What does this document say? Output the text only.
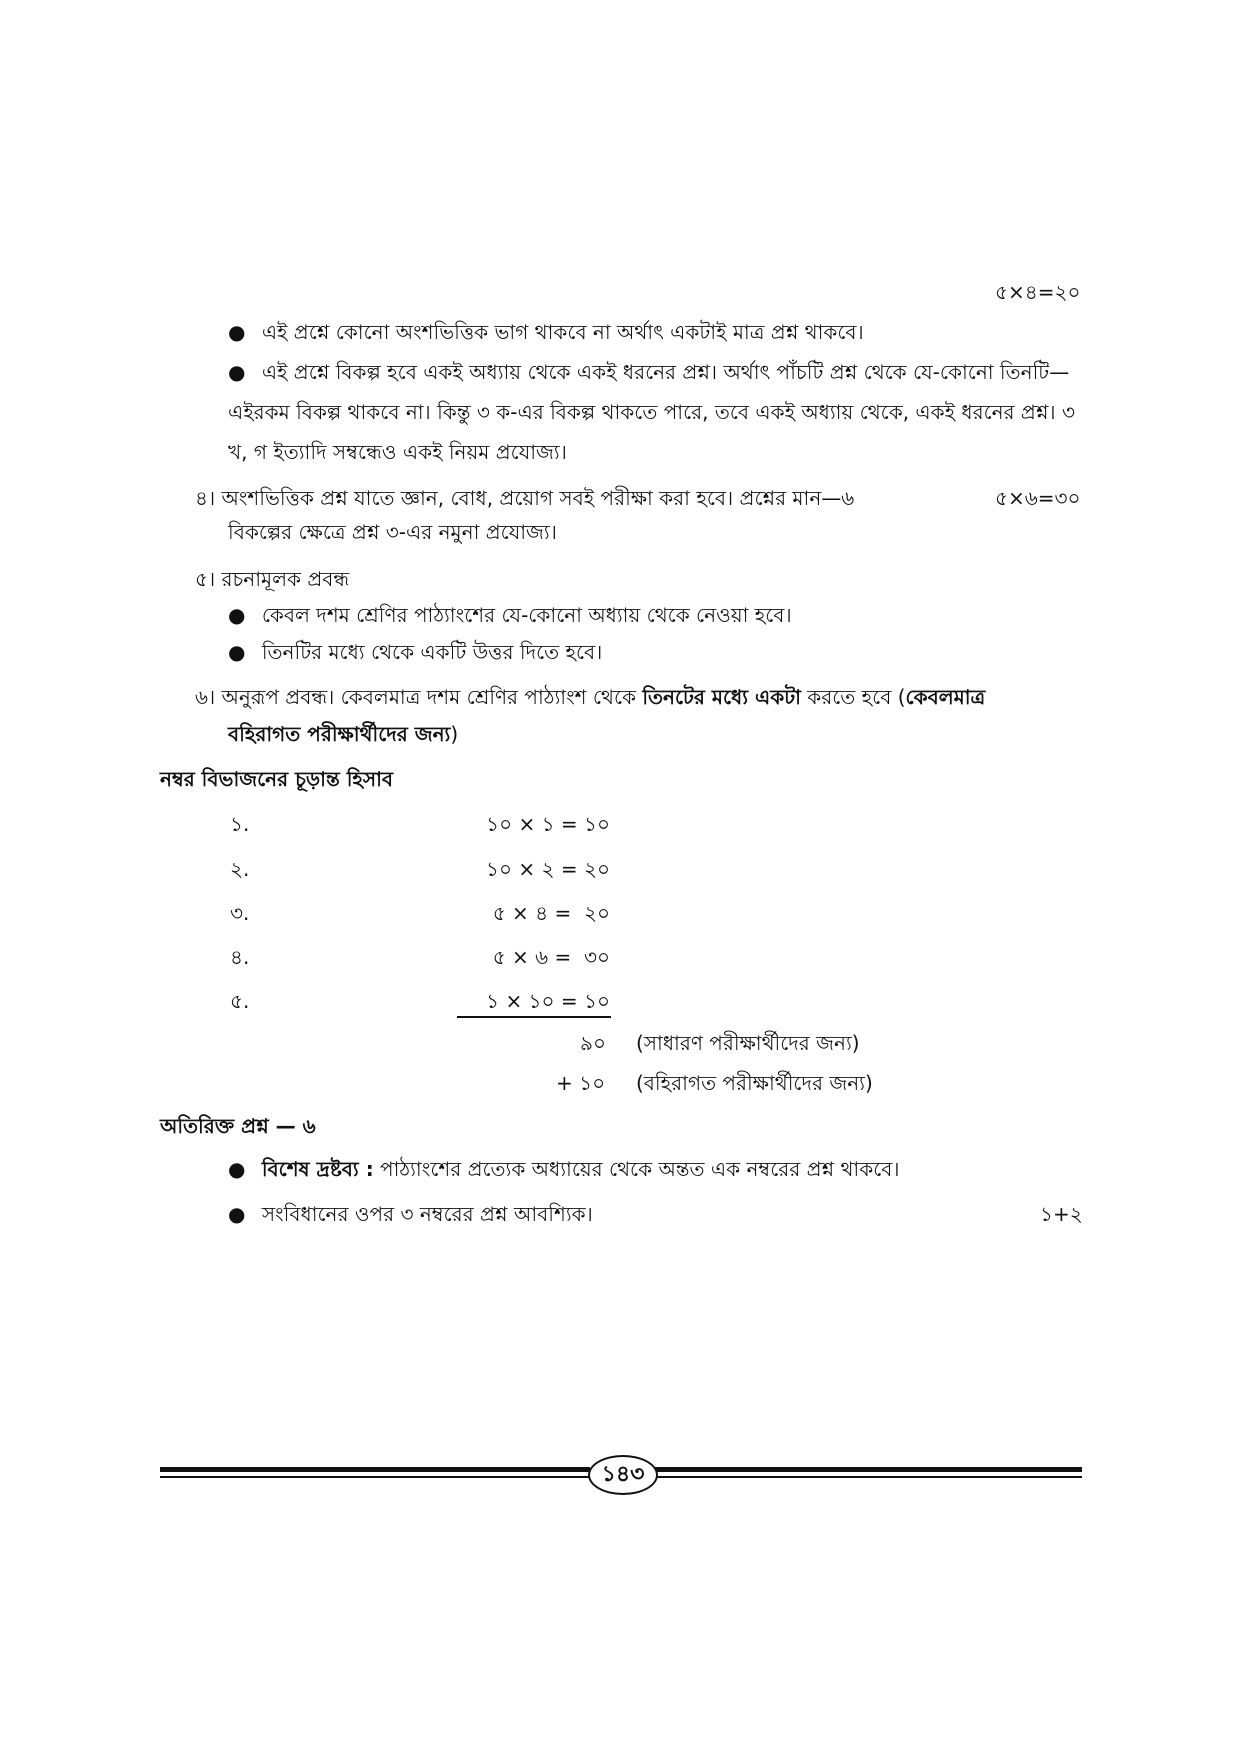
৫×৪=২০
● এই প্রশ্নে কোনো অংশভিত্তিক ভাগ থাকবে না অর্থাৎ একটাই মাত্র প্রশ্ন থাকবে।
● এই প্রশ্নে বিকল্প হবে একই অধ্যায় থেকে একই ধরনের প্রশ্ন। অর্থাৎ পাঁচটি প্রশ্ন থেকে যে-কোনো তিনটি—এইরকম বিকল্প থাকবে না। কিন্তু ৩ ক-এর বিকল্প থাকতে পারে, তবে একই অধ্যায় থেকে, একই ধরনের প্রশ্ন। ৩ খ, গ ইত্যাদি সম্বন্ধেও একই নিয়ম প্রযোজ্য।
৪। অংশভিত্তিক প্রশ্ন যাতে জ্ঞান, বোধ, প্রয়োগ সবই পরীক্ষা করা হবে। প্রশ্নের মান—৬	৫×৬=৩০
বিকল্পের ক্ষেত্রে প্রশ্ন ৩-এর নমুনা প্রযোজ্য।
৫। রচনামূলক প্রবন্ধ
● কেবল দশম শ্রেণির পাঠ্যাংশের যে-কোনো অধ্যায় থেকে নেওয়া হবে।
● তিনটির মধ্যে থেকে একটি উত্তর দিতে হবে।
৬। অনুরূপ প্রবন্ধ। কেবলমাত্র দশম শ্রেণির পাঠ্যাংশ থেকে তিনটের মধ্যে একটা করতে হবে (কেবলমাত্র
বহিরাগত পরীক্ষার্থীদের জন্য)
নম্বর বিভাজনের চূড়ান্ত হিসাব
১.	১০ × ১ = ১০
২.	১০ × ২ = ২০
৩.	৫ × ৪ =  ২০
৪.	৫ × ৬ =  ৩০
৫.	১ × ১০ = ১০
৯০ (সাধারণ পরীক্ষার্থীদের জন্য)
+ ১০ (বহিরাগত পরীক্ষার্থীদের জন্য)
অতিরিক্ত প্রশ্ন — ৬
● বিশেষ দ্রষ্টব্য : পাঠ্যাংশের প্রত্যেক অধ্যায়ের থেকে অন্তত এক নম্বরের প্রশ্ন থাকবে।
● সংবিধানের ওপর ৩ নম্বরের প্রশ্ন আবশ্যিক।	১+২
১৪৩
